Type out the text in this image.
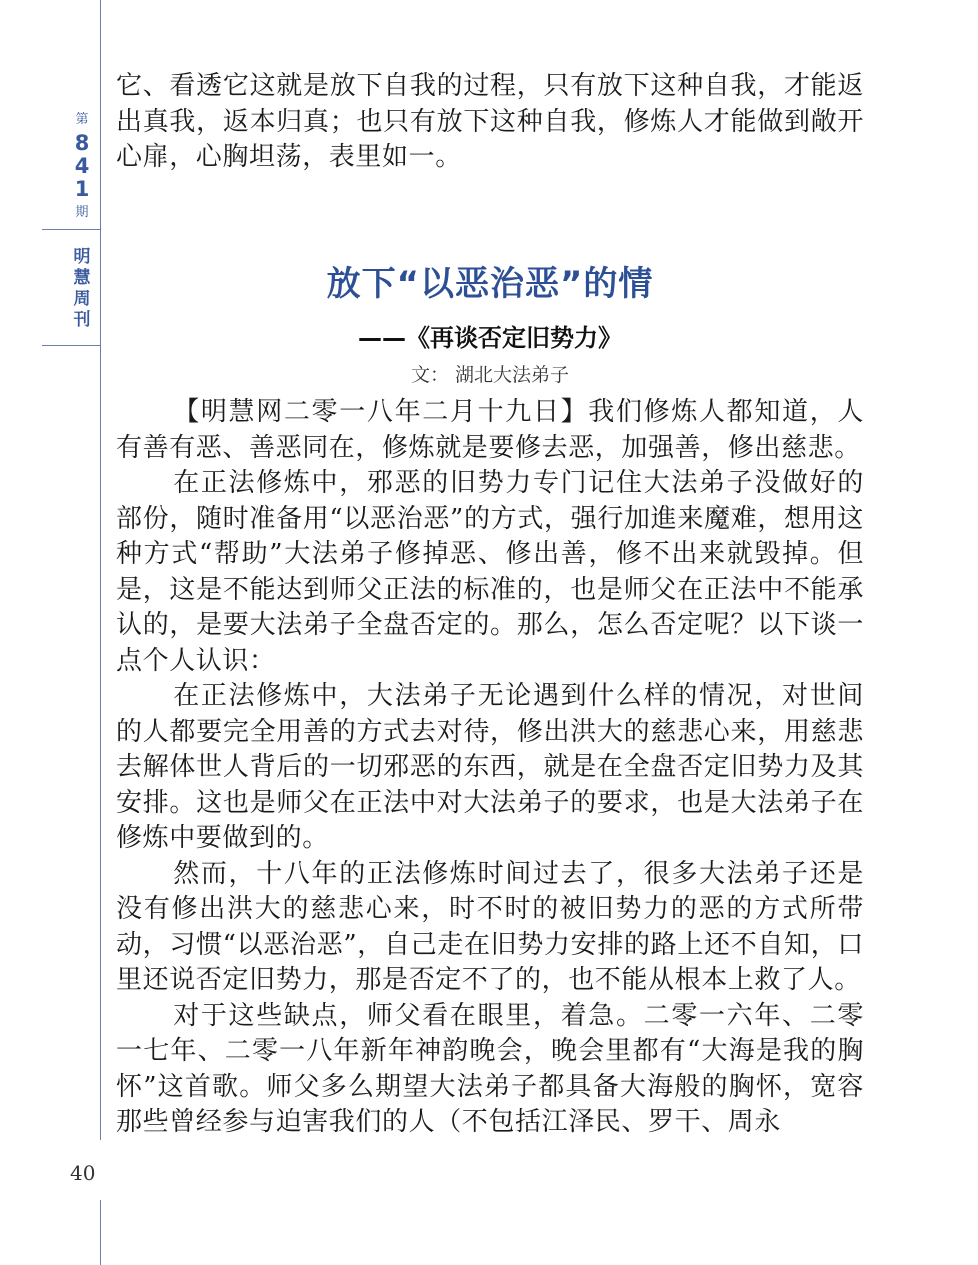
第
8
4
1
期
明
慧
周
刊

它、看透它这就是放下自我的过程，只有放下这种自我，才能返出真我，返本归真；也只有放下这种自我，修炼人才能做到敞开心扉，心胸坦荡，表里如一。

放下“以恶治恶”的情
——《再谈否定旧势力》
文： 湖北大法弟子

【明慧网二零一八年二月十九日】我们修炼人都知道，人有善有恶、善恶同在，修炼就是要修去恶，加强善，修出慈悲。

在正法修炼中，邪恶的旧势力专门记住大法弟子没做好的部份，随时准备用“以恶治恶”的方式，强行加進来魔难，想用这种方式“帮助”大法弟子修掉恶、修出善，修不出来就毁掉。但是，这是不能达到师父正法的标准的，也是师父在正法中不能承认的，是要大法弟子全盘否定的。那么，怎么否定呢？以下谈一点个人认识：

在正法修炼中，大法弟子无论遇到什么样的情况，对世间的人都要完全用善的方式去对待，修出洪大的慈悲心来，用慈悲去解体世人背后的一切邪恶的东西，就是在全盘否定旧势力及其安排。这也是师父在正法中对大法弟子的要求，也是大法弟子在修炼中要做到的。

然而，十八年的正法修炼时间过去了，很多大法弟子还是没有修出洪大的慈悲心来，时不时的被旧势力的恶的方式所带动，习惯“以恶治恶”，自己走在旧势力安排的路上还不自知，口里还说否定旧势力，那是否定不了的，也不能从根本上救了人。

对于这些缺点，师父看在眼里，着急。二零一六年、二零一七年、二零一八年新年神韵晚会，晚会里都有“大海是我的胸怀”这首歌。师父多么期望大法弟子都具备大海般的胸怀，宽容那些曾经参与迫害我们的人（不包括江泽民、罗干、周永

40
